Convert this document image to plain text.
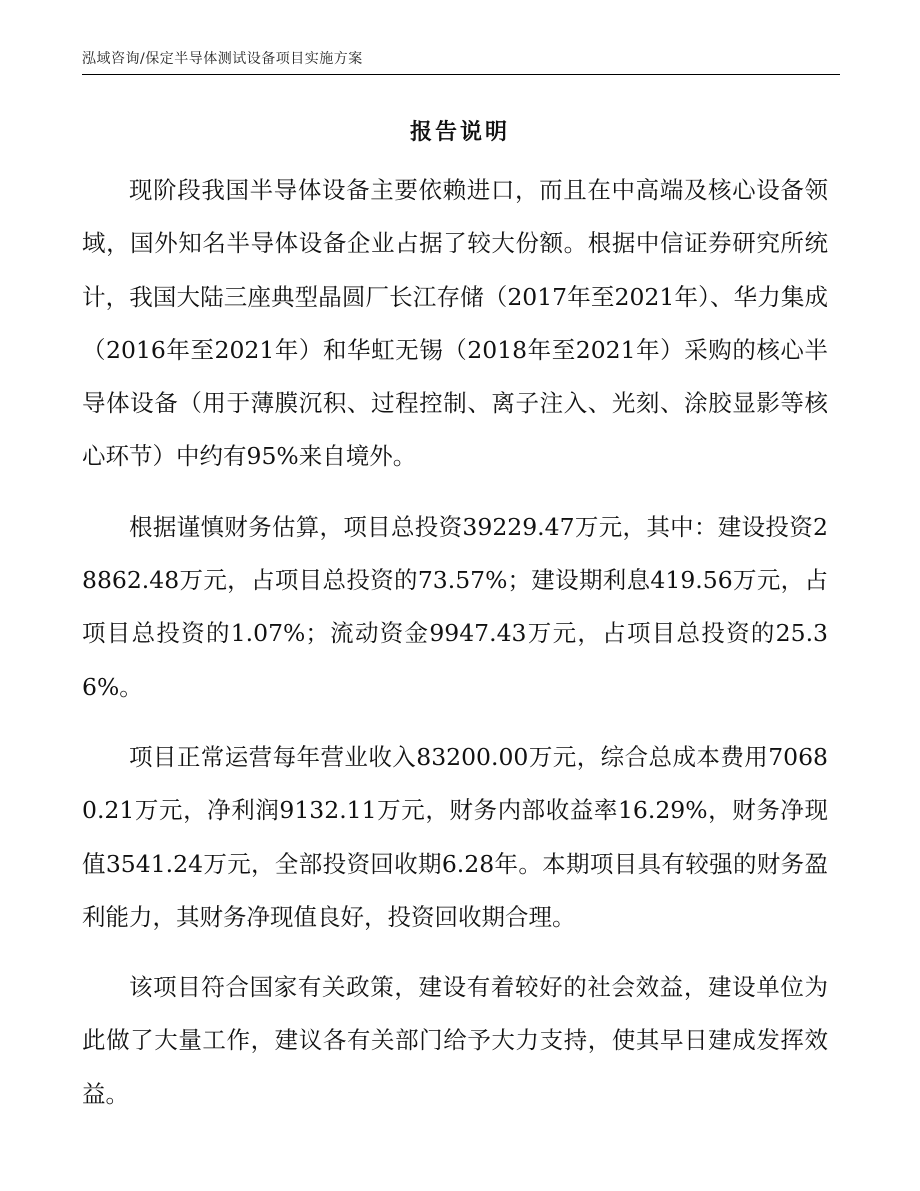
泓域咨询/保定半导体测试设备项目实施方案
报告说明

现阶段我国半导体设备主要依赖进口，而且在中高端及核心设备领域，国外知名半导体设备企业占据了较大份额。根据中信证券研究所统计，我国大陆三座典型晶圆厂长江存储（2017年至2021年）、华力集成（2016年至2021年）和华虹无锡（2018年至2021年）采购的核心半导体设备（用于薄膜沉积、过程控制、离子注入、光刻、涂胶显影等核心环节）中约有95%来自境外。

根据谨慎财务估算，项目总投资39229.47万元，其中：建设投资28862.48万元，占项目总投资的73.57%；建设期利息419.56万元，占项目总投资的1.07%；流动资金9947.43万元，占项目总投资的25.36%。

项目正常运营每年营业收入83200.00万元，综合总成本费用70680.21万元，净利润9132.11万元，财务内部收益率16.29%，财务净现值3541.24万元，全部投资回收期6.28年。本期项目具有较强的财务盈利能力，其财务净现值良好，投资回收期合理。

该项目符合国家有关政策，建设有着较好的社会效益，建设单位为此做了大量工作，建议各有关部门给予大力支持，使其早日建成发挥效益。
